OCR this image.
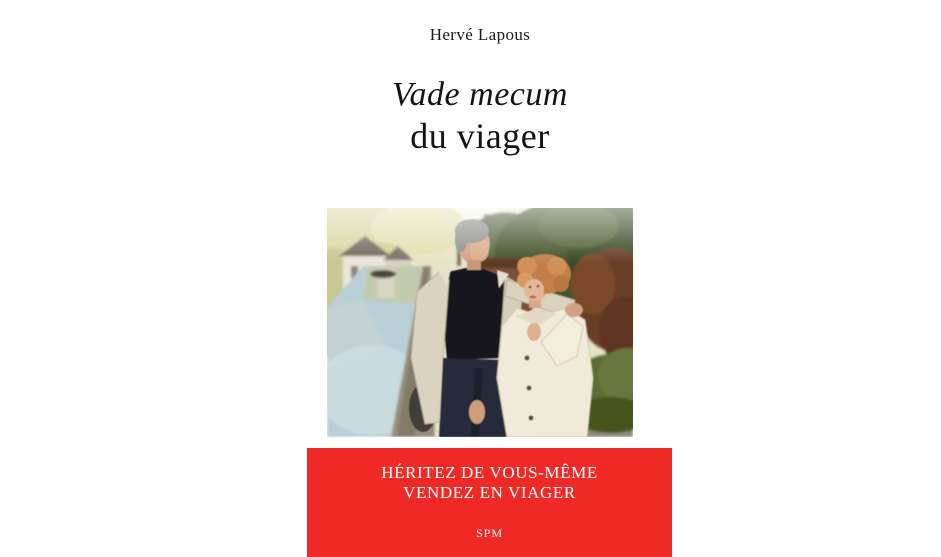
Hervé Lapous
Vade mecum
du viager
HÉRITEZ DE VOUS-MÊME
VENDEZ EN VIAGER
SPM
